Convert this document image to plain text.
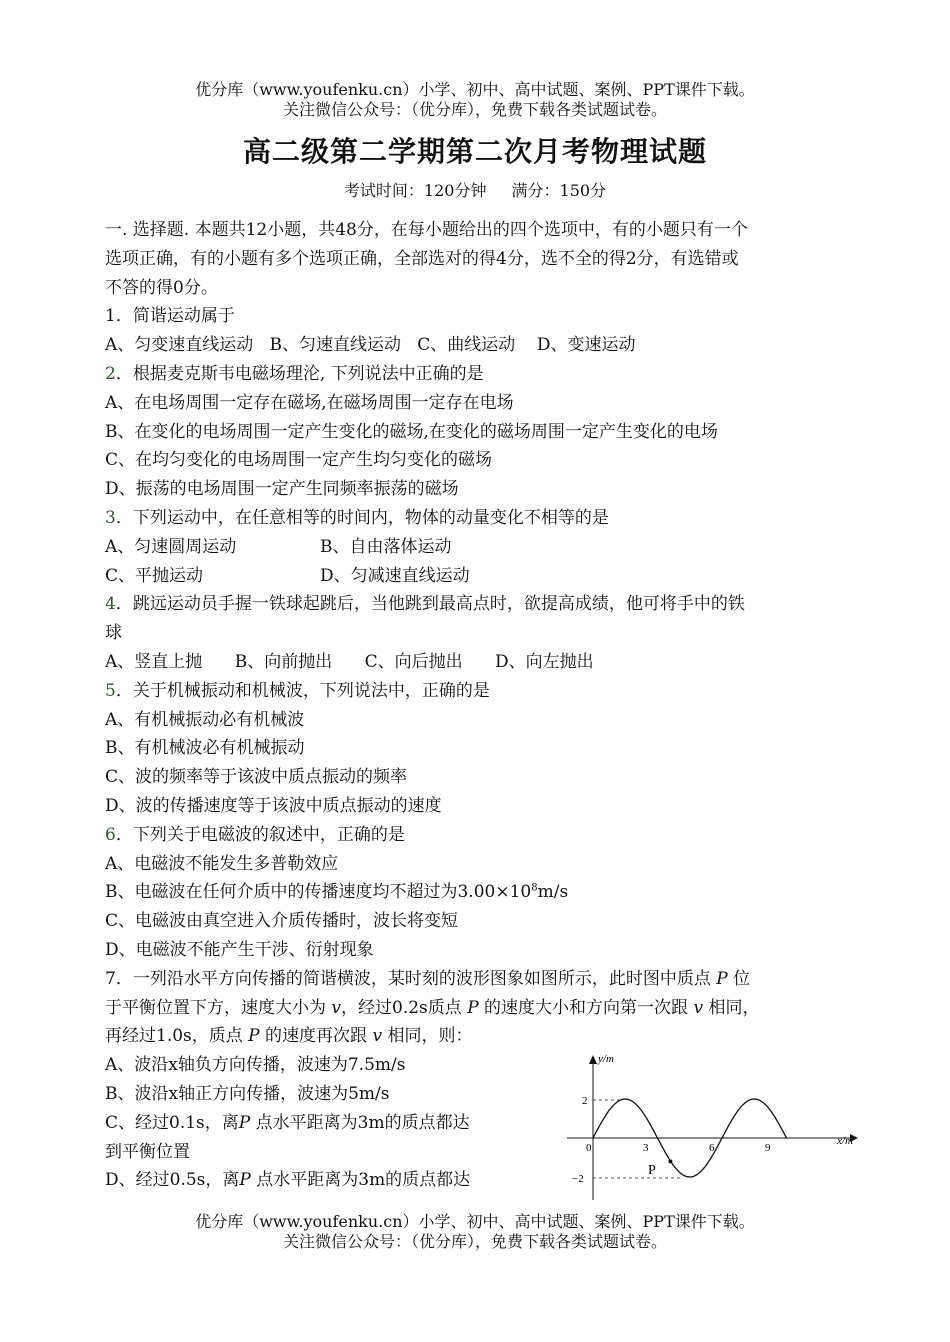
优分库（www.youfenku.cn）小学、初中、高中试题、案例、PPT课件下载。
关注微信公众号：（优分库），免费下载各类试题试卷。
高二级第二学期第二次月考物理试题
考试时间：120分钟 满分：150分

一. 选择题. 本题共12小题，共48分，在每小题给出的四个选项中，有的小题只有一个

选项正确，有的小题有多个选项正确，全部选对的得4分，选不全的得2分，有选错或

不答的得0分。

1．简谐运动属于

A、匀变速直线运动   B、匀速直线运动   C、曲线运动    D、变速运动

2．根据麦克斯韦电磁场理沦, 下列说法中正确的是

A、在电场周围一定存在磁场,在磁场周围一定存在电场

B、在变化的电场周围一定产生变化的磁场,在变化的磁场周围一定产生变化的电场

C、在均匀变化的电场周围一定产生均匀变化的磁场

D、振荡的电场周围一定产生同频率振荡的磁场

3．下列运动中，在任意相等的时间内，物体的动量变化不相等的是

A、匀速圆周运动	B、自由落体运动

C、平抛运动	D、匀减速直线运动

4．跳远运动员手握一铁球起跳后，当他跳到最高点时，欲提高成绩，他可将手中的铁

球

A、竖直上抛      B、向前抛出      C、向后抛出      D、向左抛出

5．关于机械振动和机械波，下列说法中，正确的是

A、有机械振动必有机械波

B、有机械波必有机械振动

C、波的频率等于该波中质点振动的频率

D、波的传播速度等于该波中质点振动的速度

6．下列关于电磁波的叙述中，正确的是

A、电磁波不能发生多普勒效应

B、电磁波在任何介质中的传播速度均不超过为$3.00\times 10^8m/s$

C、电磁波由真空进入介质传播时，波长将变短

D、电磁波不能产生干涉、衍射现象

7．一列沿水平方向传播的简谐横波，某时刻的波形图象如图所示，此时图中质点 P 位

于平衡位置下方，速度大小为 v，经过0.2s质点 P 的速度大小和方向第一次跟 v 相同，

再经过1.0s，质点 P 的速度再次跟 v 相同，则：

A、波沿x轴负方向传播，波速为7.5m/s

B、波沿x轴正方向传播，波速为5m/s

C、经过0.1s，离P 点水平距离为3m的质点都达

到平衡位置

D、经过0.5s，离P 点水平距离为3m的质点都达

y/m
x/m
2
−2
0	3	6	9
P
优分库（www.youfenku.cn）小学、初中、高中试题、案例、PPT课件下载。
关注微信公众号：（优分库），免费下载各类试题试卷。
